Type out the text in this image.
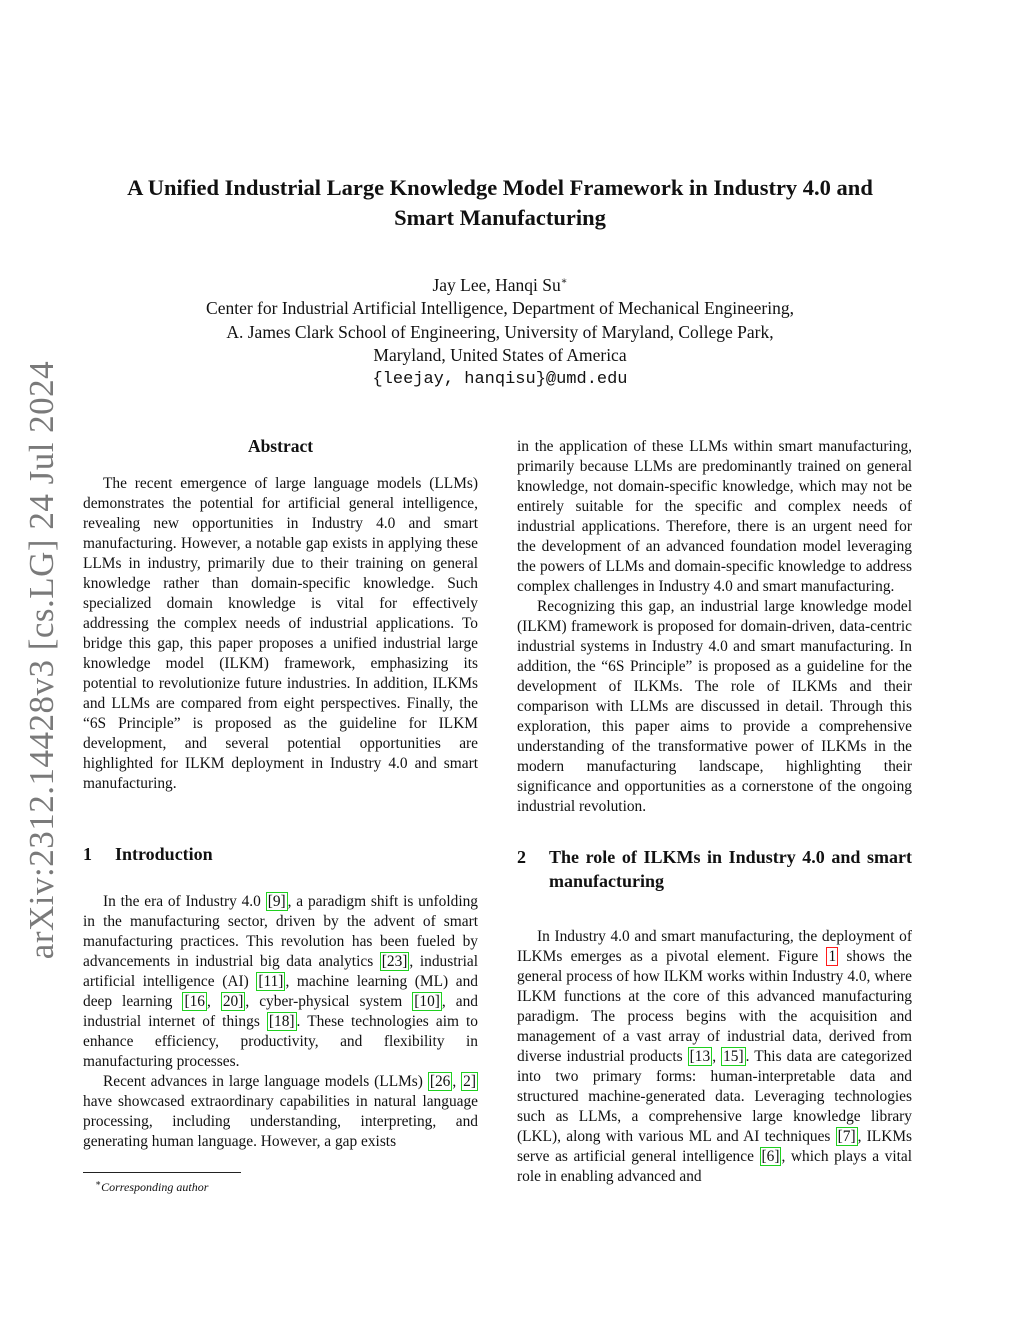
arXiv:2312.14428v3 [cs.LG] 24 Jul 2024
A Unified Industrial Large Knowledge Model Framework in Industry 4.0 and
Smart Manufacturing
Jay Lee, Hanqi Su∗
Center for Industrial Artificial Intelligence, Department of Mechanical Engineering,
A. James Clark School of Engineering, University of Maryland, College Park,
Maryland, United States of America
{leejay, hanqisu}@umd.edu
Abstract

The recent emergence of large language models (LLMs) demonstrates the potential for artificial general intelligence, revealing new opportunities in Industry 4.0 and smart manufacturing. However, a notable gap exists in applying these LLMs in industry, primarily due to their training on general knowledge rather than domain-specific knowledge. Such specialized domain knowledge is vital for effectively addressing the complex needs of industrial applications. To bridge this gap, this paper proposes a unified industrial large knowledge model (ILKM) framework, emphasizing its potential to revolutionize future industries. In addition, ILKMs and LLMs are compared from eight perspectives. Finally, the “6S Principle” is proposed as the guideline for ILKM development, and several potential opportunities are highlighted for ILKM deployment in Industry 4.0 and smart manufacturing.

1	Introduction

In the era of Industry 4.0 [9] , a paradigm shift is unfolding in the manufacturing sector, driven by the advent of smart manufacturing practices. This revolution has been fueled by advancements in industrial big data analytics [23] , industrial artificial intelligence (AI) [11] , machine learning (ML) and deep learning [16 , 20] , cyber-physical system [10] , and industrial internet of things [18] . These technologies aim to enhance efficiency, productivity, and flexibility in manufacturing processes.

Recent advances in large language models (LLMs) [26 , 2] have showcased extraordinary capabilities in natural language processing, including understanding, interpreting, and generating human language. However, a gap exists

∗Corresponding author

in the application of these LLMs within smart manufacturing, primarily because LLMs are predominantly trained on general knowledge, not domain-specific knowledge, which may not be entirely suitable for the specific and complex needs of industrial applications. Therefore, there is an urgent need for the development of an advanced foundation model leveraging the powers of LLMs and domain-specific knowledge to address complex challenges in Industry 4.0 and smart manufacturing.

Recognizing this gap, an industrial large knowledge model (ILKM) framework is proposed for domain-driven, data-centric industrial systems in Industry 4.0 and smart manufacturing. In addition, the “6S Principle” is proposed as a guideline for the development of ILKMs. The role of ILKMs and their comparison with LLMs are discussed in detail. Through this exploration, this paper aims to provide a comprehensive understanding of the transformative power of ILKMs in the modern manufacturing landscape, highlighting their significance and opportunities as a cornerstone of the ongoing industrial revolution.

2	The role of ILKMs in Industry 4.0 and smart manufacturing

In Industry 4.0 and smart manufacturing, the deployment of ILKMs emerges as a pivotal element. Figure 1 shows the general process of how ILKM works within Industry 4.0, where ILKM functions at the core of this advanced manufacturing paradigm. The process begins with the acquisition and management of a vast array of industrial data, derived from diverse industrial products [13 , 15] . This data are categorized into two primary forms: human-interpretable data and structured machine-generated data. Leveraging technologies such as LLMs, a comprehensive large knowledge library (LKL), along with various ML and AI techniques [7] , ILKMs serve as artificial general intelligence [6] , which plays a vital role in enabling advanced and
